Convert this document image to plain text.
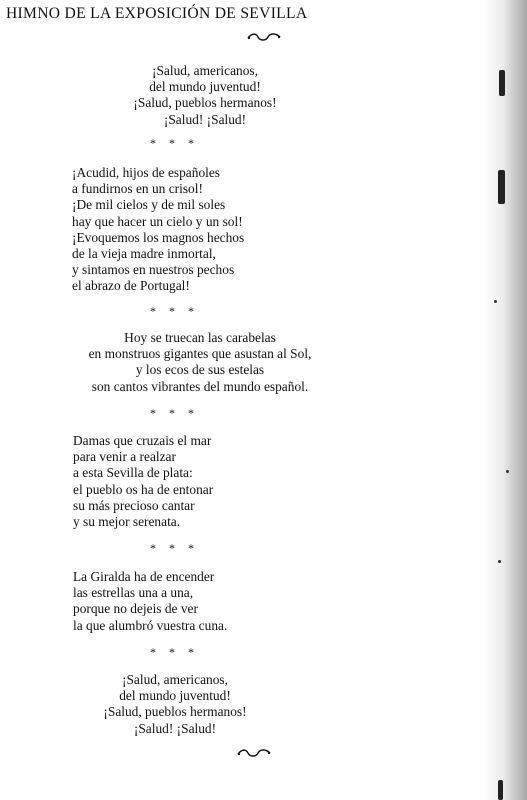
HIMNO DE LA EXPOSICIÓN DE SEVILLA
¡Salud, americanos,
del mundo juventud!
¡Salud, pueblos hermanos!
¡Salud! ¡Salud!
* * *
¡Acudid, hijos de españoles
a fundirnos en un crisol!
¡De mil cielos y de mil soles
hay que hacer un cielo y un sol!
¡Evoquemos los magnos hechos
de la vieja madre inmortal,
y sintamos en nuestros pechos
el abrazo de Portugal!
* * *
Hoy se truecan las carabelas
en monstruos gigantes que asustan al Sol,
y los ecos de sus estelas
son cantos vibrantes del mundo español.
* * *
Damas que cruzais el mar
para venir a realzar
a esta Sevilla de plata:
el pueblo os ha de entonar
su más precioso cantar
y su mejor serenata.
* * *
La Giralda ha de encender
las estrellas una a una,
porque no dejeis de ver
la que alumbró vuestra cuna.
* * *
¡Salud, americanos,
del mundo juventud!
¡Salud, pueblos hermanos!
¡Salud! ¡Salud!
